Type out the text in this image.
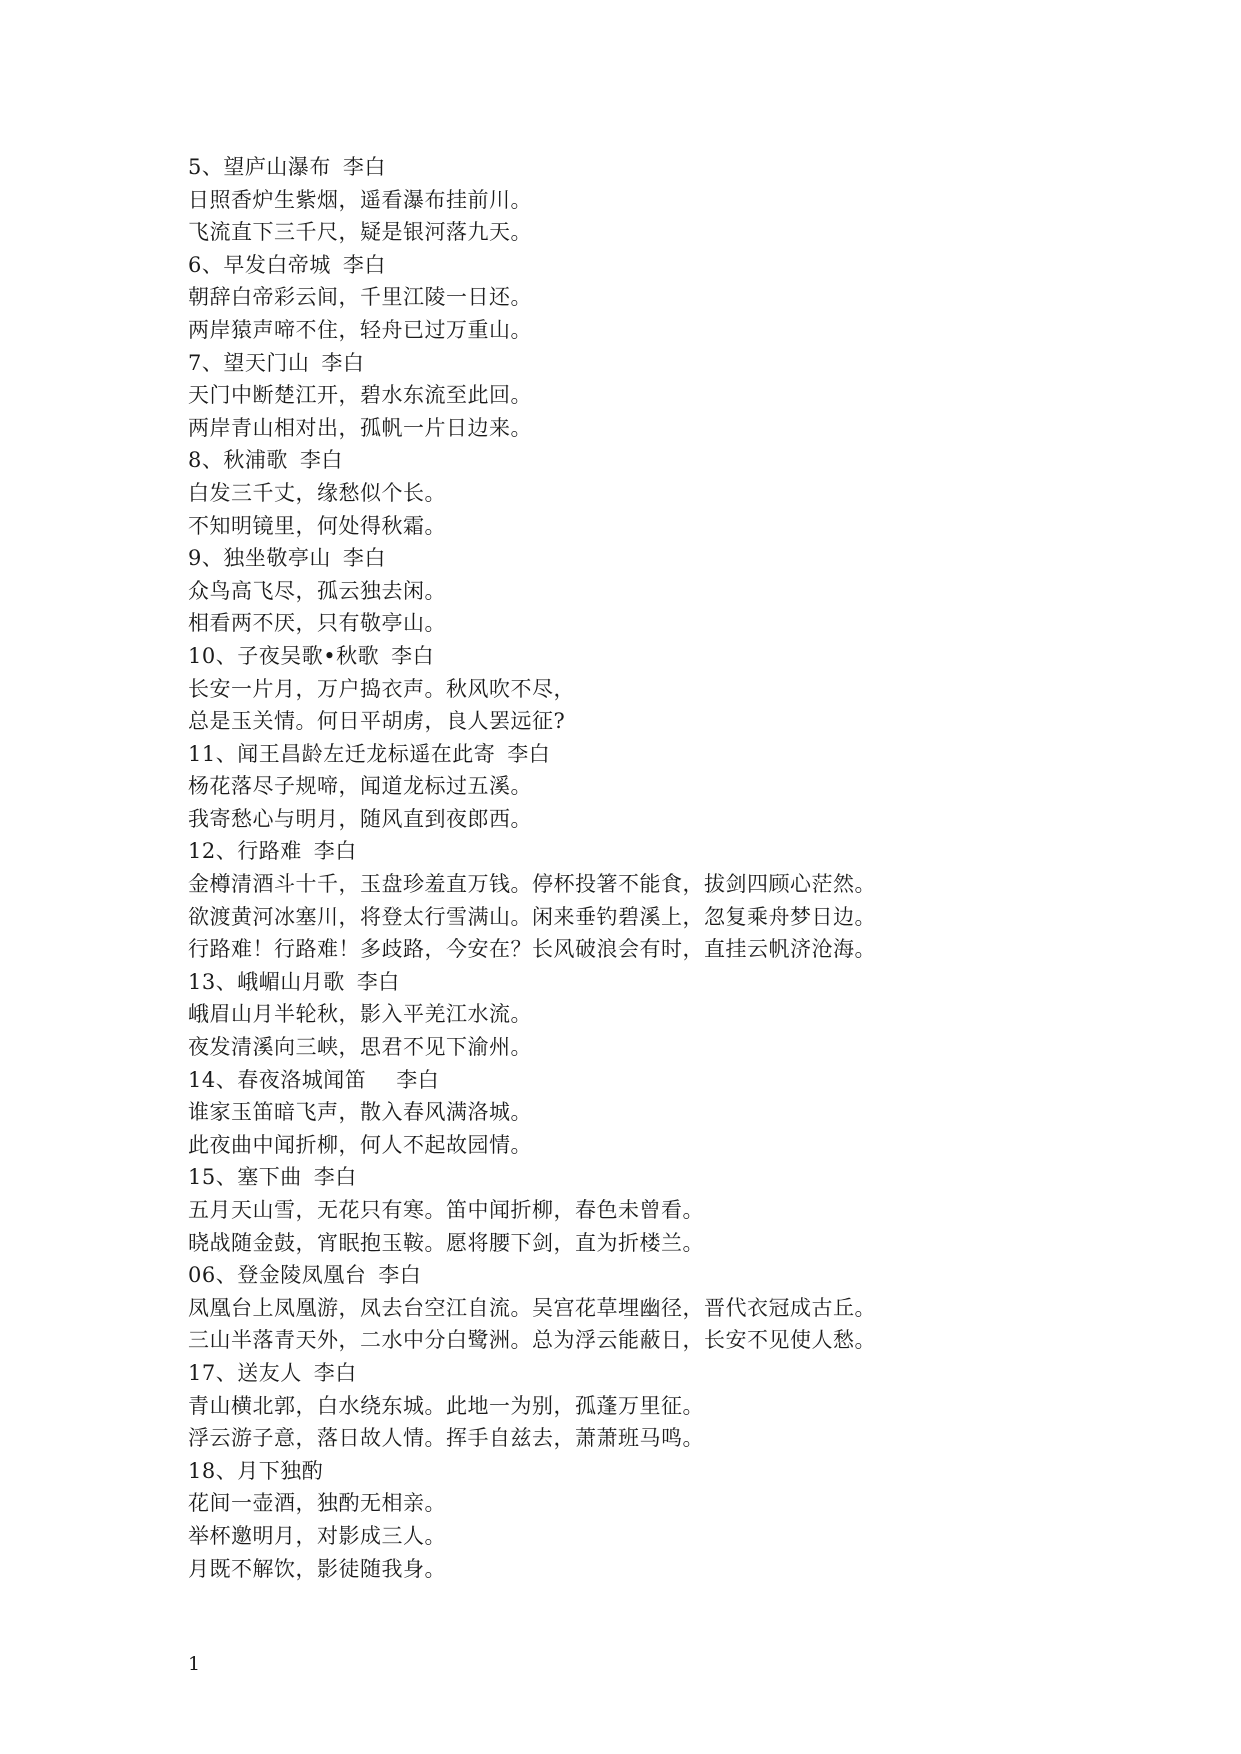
5、望庐山瀑布 李白
日照香炉生紫烟，遥看瀑布挂前川。
飞流直下三千尺，疑是银河落九天。
6、早发白帝城 李白
朝辞白帝彩云间，千里江陵一日还。
两岸猿声啼不住，轻舟已过万重山。
7、望天门山 李白
天门中断楚江开，碧水东流至此回。
两岸青山相对出，孤帆一片日边来。
8、秋浦歌 李白
白发三千丈，缘愁似个长。
不知明镜里，何处得秋霜。
9、独坐敬亭山 李白
众鸟高飞尽，孤云独去闲。
相看两不厌，只有敬亭山。
10、子夜吴歌•秋歌 李白
长安一片月，万户捣衣声。秋风吹不尽，
总是玉关情。何日平胡虏，良人罢远征?
11、闻王昌龄左迁龙标遥在此寄 李白
杨花落尽子规啼，闻道龙标过五溪。
我寄愁心与明月，随风直到夜郎西。
12、行路难 李白
金樽清酒斗十千，玉盘珍羞直万钱。停杯投箸不能食，拔剑四顾心茫然。
欲渡黄河冰塞川，将登太行雪满山。闲来垂钓碧溪上，忽复乘舟梦日边。
行路难！行路难！多歧路，今安在？长风破浪会有时，直挂云帆济沧海。
13、峨嵋山月歌 李白
峨眉山月半轮秋，影入平羌江水流。
夜发清溪向三峡，思君不见下渝州。
14、春夜洛城闻笛 李白
谁家玉笛暗飞声，散入春风满洛城。
此夜曲中闻折柳，何人不起故园情。
15、塞下曲 李白
五月天山雪，无花只有寒。笛中闻折柳，春色未曾看。
晓战随金鼓，宵眠抱玉鞍。愿将腰下剑，直为折楼兰。
06、登金陵凤凰台 李白
凤凰台上凤凰游，凤去台空江自流。吴宫花草埋幽径，晋代衣冠成古丘。
三山半落青天外，二水中分白鹭洲。总为浮云能蔽日，长安不见使人愁。
17、送友人 李白
青山横北郭，白水绕东城。此地一为别，孤蓬万里征。
浮云游子意，落日故人情。挥手自兹去，萧萧班马鸣。
18、月下独酌
花间一壶酒，独酌无相亲。
举杯邀明月，对影成三人。
月既不解饮，影徒随我身。
1
